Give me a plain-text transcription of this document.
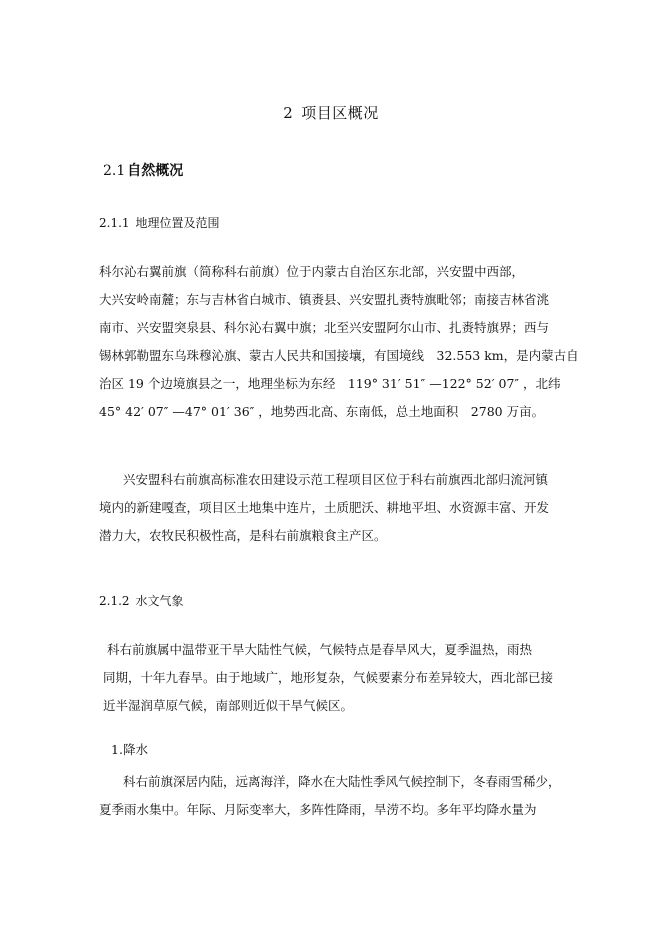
2 项目区概况
2.1 自然概况
2.1.1 地理位置及范围
科尔沁右翼前旗（简称科右前旗）位于内蒙古自治区东北部，兴安盟中西部，
大兴安岭南麓；东与吉林省白城市、镇赉县、兴安盟扎赉特旗毗邻；南接吉林省洮
南市、兴安盟突泉县、科尔沁右翼中旗；北至兴安盟阿尔山市、扎赉特旗界；西与
锡林郭勒盟东乌珠穆沁旗、蒙古人民共和国接壤，有国境线　32.553 km，是内蒙古自
治区 19 个边境旗县之一，地理坐标为东经　119° 31′ 51″ —122° 52′ 07″ ，北纬
45° 42′ 07″ —47° 01′ 36″ ，地势西北高、东南低，总土地面积　2780 万亩。
兴安盟科右前旗高标准农田建设示范工程项目区位于科右前旗西北部归流河镇
境内的新建嘎查，项目区土地集中连片，土质肥沃、耕地平坦、水资源丰富、开发
潜力大，农牧民积极性高，是科右前旗粮食主产区。
2.1.2 水文气象
科右前旗属中温带亚干旱大陆性气候，气候特点是春旱风大，夏季温热，雨热
同期，十年九春旱。由于地域广，地形复杂，气候要素分布差异较大，西北部已接
近半湿润草原气候，南部则近似干旱气候区。
1.降水
科右前旗深居内陆，远离海洋，降水在大陆性季风气候控制下，冬春雨雪稀少，
夏季雨水集中。年际、月际变率大，多阵性降雨，旱涝不均。多年平均降水量为
